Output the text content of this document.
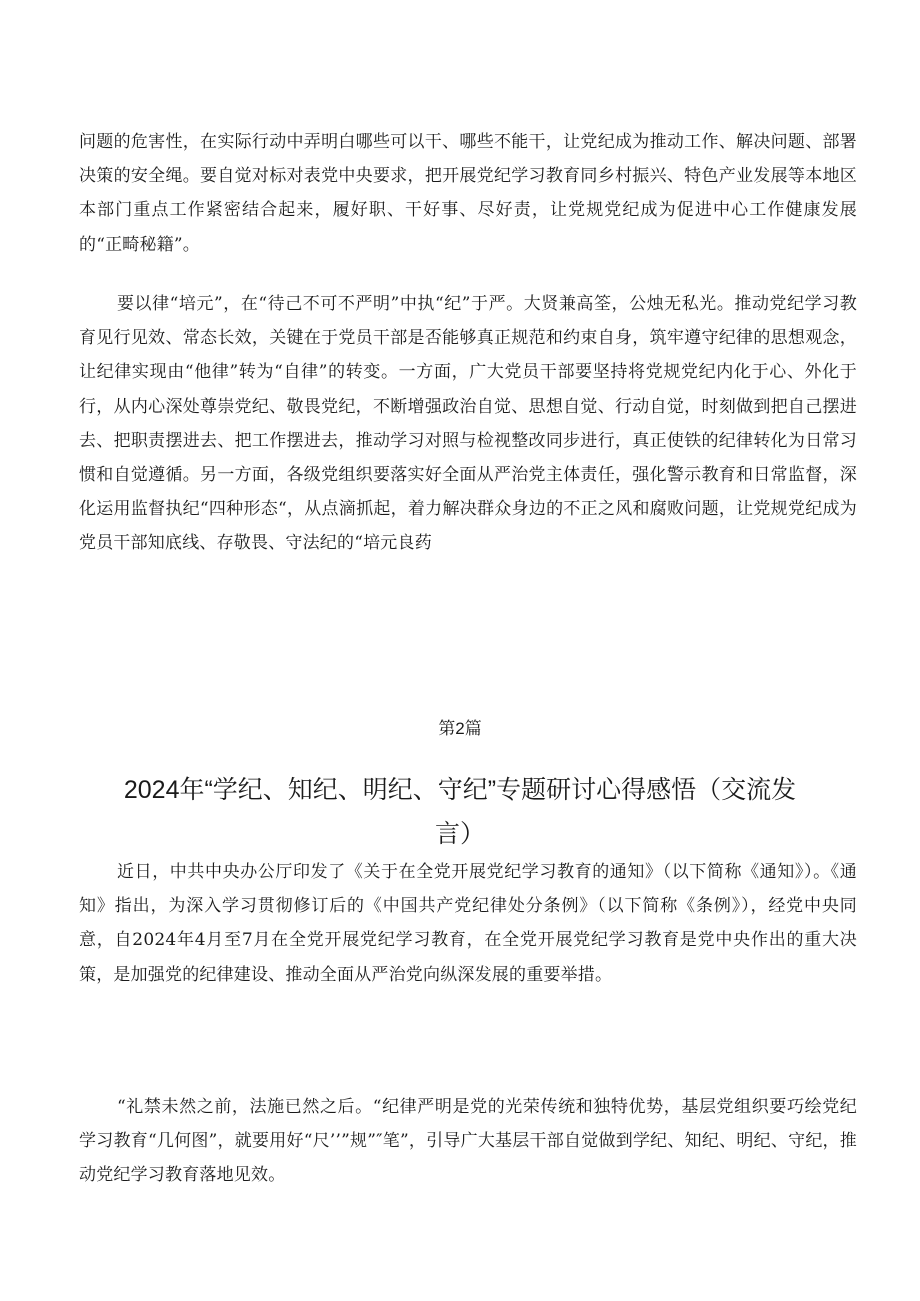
问题的危害性，在实际行动中弄明白哪些可以干、哪些不能干，让党纪成为推动工作、解决问题、部署决策的安全绳。要自觉对标对表党中央要求，把开展党纪学习教育同乡村振兴、特色产业发展等本地区本部门重点工作紧密结合起来，履好职、干好事、尽好责，让党规党纪成为促进中心工作健康发展的“正畸秘籍”。

要以律“培元”，在“待己不可不严明”中执“纪”于严。大贤兼高筌，公烛无私光。推动党纪学习教育见行见效、常态长效，关键在于党员干部是否能够真正规范和约束自身，筑牢遵守纪律的思想观念，让纪律实现由“他律”转为“自律”的转变。一方面，广大党员干部要坚持将党规党纪内化于心、外化于行，从内心深处尊崇党纪、敬畏党纪，不断增强政治自觉、思想自觉、行动自觉，时刻做到把自己摆进去、把职责摆进去、把工作摆进去，推动学习对照与检视整改同步进行，真正使铁的纪律转化为日常习惯和自觉遵循。另一方面，各级党组织要落实好全面从严治党主体责任，强化警示教育和日常监督，深化运用监督执纪“四种形态“，从点滴抓起，着力解决群众身边的不正之风和腐败问题，让党规党纪成为党员干部知底线、存敬畏、守法纪的“培元良药

第2篇
2024年“学纪、知纪、明纪、守纪”专题研讨心得感悟（交流发言）

近日，中共中央办公厅印发了《关于在全党开展党纪学习教育的通知》（以下简称《通知》）。《通知》指出，为深入学习贯彻修订后的《中国共产党纪律处分条例》（以下简称《条例》），经党中央同意，自2024年4月至7月在全党开展党纪学习教育，在全党开展党纪学习教育是党中央作出的重大决策，是加强党的纪律建设、推动全面从严治党向纵深发展的重要举措。

“礼禁未然之前，法施已然之后。“纪律严明是党的光荣传统和独特优势，基层党组织要巧绘党纪学习教育“几何图”，就要用好“尺’’”规”″笔”，引导广大基层干部自觉做到学纪、知纪、明纪、守纪，推动党纪学习教育落地见效。
